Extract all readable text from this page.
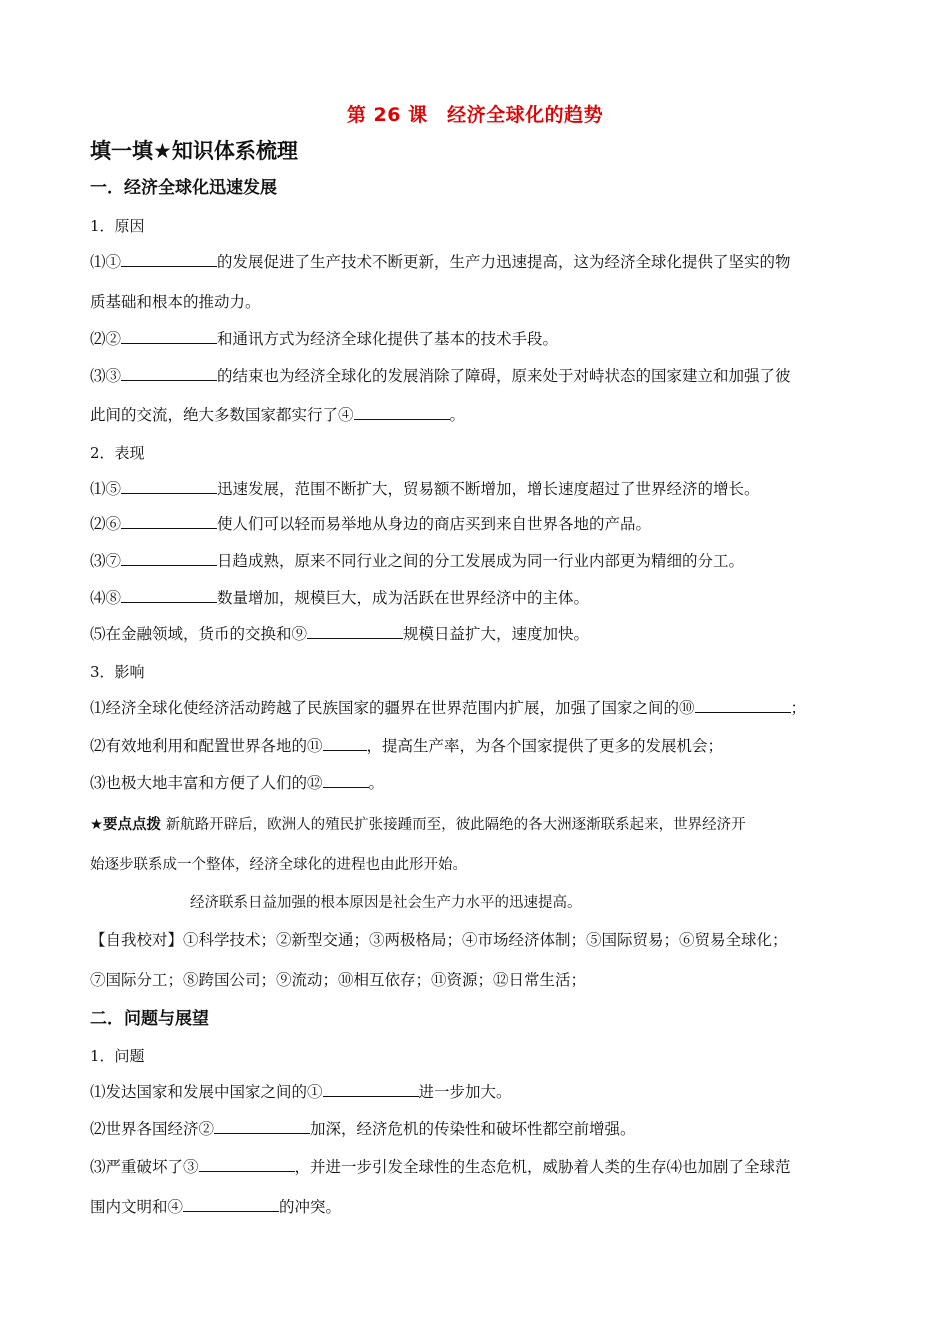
第 26 课　经济全球化的趋势
填一填★知识体系梳理
一．经济全球化迅速发展
1．原因
⑴①	的发展促进了生产技术不断更新，生产力迅速提高，这为经济全球化提供了坚实的物
质基础和根本的推动力。
⑵②	和通讯方式为经济全球化提供了基本的技术手段。
⑶③	的结束也为经济全球化的发展消除了障碍，原来处于对峙状态的国家建立和加强了彼
此间的交流，绝大多数国家都实行了④	。
2．表现
⑴⑤	迅速发展，范围不断扩大，贸易额不断增加，增长速度超过了世界经济的增长。
⑵⑥	使人们可以轻而易举地从身边的商店买到来自世界各地的产品。
⑶⑦	日趋成熟，原来不同行业之间的分工发展成为同一行业内部更为精细的分工。
⑷⑧	数量增加，规模巨大，成为活跃在世界经济中的主体。
⑸在金融领域，货币的交换和⑨	规模日益扩大，速度加快。
3．影响
⑴经济全球化使经济活动跨越了民族国家的疆界在世界范围内扩展，加强了国家之间的⑩	；
⑵有效地利用和配置世界各地的⑪	，提高生产率，为各个国家提供了更多的发展机会；
⑶也极大地丰富和方便了人们的⑫	。
★要点点拨 新航路开辟后，欧洲人的殖民扩张接踵而至，彼此隔绝的各大洲逐渐联系起来，世界经济开
始逐步联系成一个整体，经济全球化的进程也由此形开始。
经济联系日益加强的根本原因是社会生产力水平的迅速提高。
【自我校对】①科学技术；②新型交通；③两极格局；④市场经济体制；⑤国际贸易；⑥贸易全球化；
⑦国际分工；⑧跨国公司；⑨流动；⑩相互依存；⑪资源；⑫日常生活；
二．问题与展望
1．问题
⑴发达国家和发展中国家之间的①	进一步加大。
⑵世界各国经济②	加深，经济危机的传染性和破坏性都空前增强。
⑶严重破坏了③	，并进一步引发全球性的生态危机，威胁着人类的生存⑷也加剧了全球范
围内文明和④	的冲突。
